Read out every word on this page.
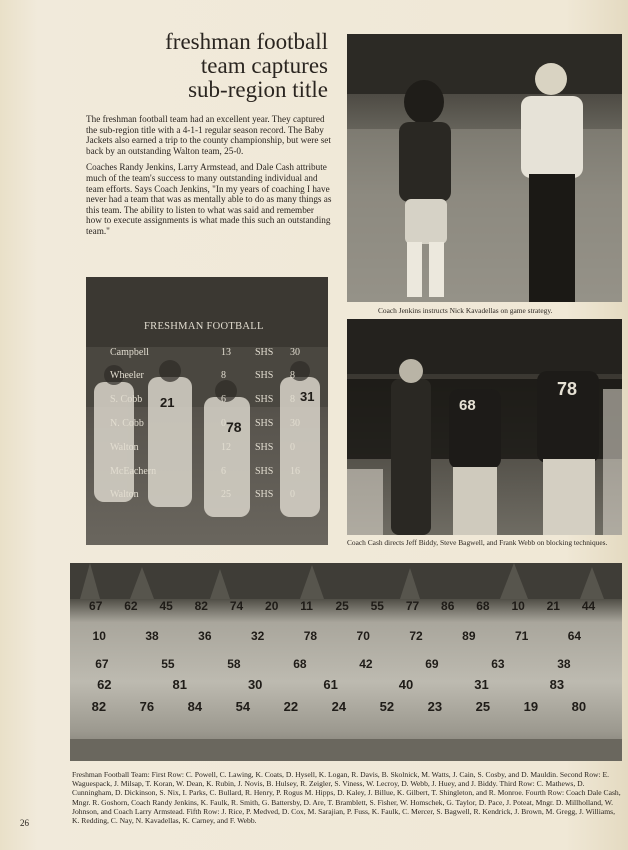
freshman football
team captures
sub-region title

The freshman football team had an excellent year. They captured the sub-region title with a 4-1-1 regular season record. The Baby Jackets also earned a trip to the county championship, but were set back by an outstanding Walton team, 25-0.

Coaches Randy Jenkins, Larry Armstead, and Dale Cash attribute much of the team's success to many outstanding individual and team efforts. Says Coach Jenkins, "In my years of coaching I have never had a team that was as mentally able to do as many things as this team. The ability to listen to what was said and remember how to execute assignments is what made this such an outstanding team."

Coach Jenkins instructs Nick Kavadellas on game strategy.
21
78
31
FRESHMAN FOOTBALL
Campbell	13 SHS 30
Wheeler	8	SHS 8
S. Cobb	6	SHS 8
N. Cobb	0	SHS 30
Walton	12 SHS 0
McEachern	6	SHS 16
Walton	25 SHS 0
68
78
Coach Cash directs Jeff Biddy, Steve Bagwell, and Frank Webb on blocking techniques.
67 62 45 82 74 20 11 25 55 77 86 68 10 21 44
10	38	36	32	78	70	72	89	71	64
67	55	58	68	42	69	63	38
62	81	30	61	40	31	83
82	76	84	54	22	24	52	23	25	19	80
Freshman Football Team: First Row: C. Powell, C. Lawing, K. Coats, D. Hysell, K. Logan, R. Davis, B. Skolnick, M. Watts, J. Cain, S. Cosby, and D. Mauldin. Second Row: E. Waguespack, J. Milsap, T. Koran, W. Dean, K. Rubin, J. Novis, B. Hulsey, R. Zeigler, S. Viness, W. Lecroy, D. Webb, J. Huey, and J. Biddy. Third Row: C. Mathews, D. Cunningham, D. Dickinson, S. Nix, I. Parks, C. Bullard, R. Henry, P. Rogus M. Hipps, D. Kaley, J. Billue, K. Gilbert, T. Shingleton, and R. Monroe. Fourth Row: Coach Dale Cash, Mngr. R. Goshorn, Coach Randy Jenkins, K. Faulk, R. Smith, G. Battersby, D. Are, T. Bramblett, S. Fisher, W. Homschek, G. Taylor, D. Pace, J. Poteat, Mngr. D. Millholland, W. Johnson, and Coach Larry Armstead. Fifth Row: J. Rice, P. Medved, D. Cox, M. Sarajian, P. Fuss, K. Faulk, C. Mercer, S. Bagwell, R. Kendrick, J. Brown, M. Gregg, J. Williams, K. Redding, C. Nay, N. Kavadellas, K. Carney, and F. Webb.
26
